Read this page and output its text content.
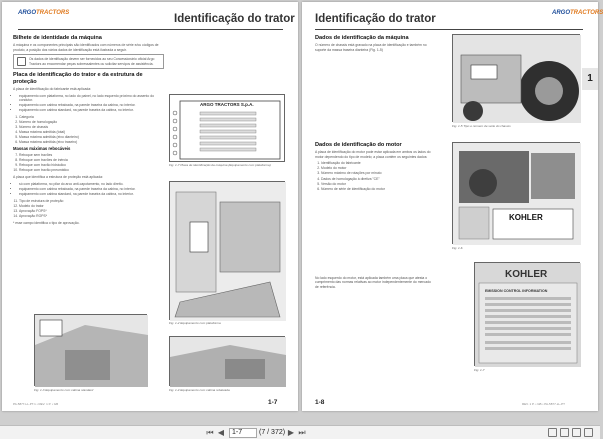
ARGOTRACTORS	Identificação do trator
Bilhete de identidade da máquina

A máquina e os componentes principais são identificados com números de série e/ou códigos de produto, a posição dos vários dados de identificação está ilustrada a seguir.

Os dados de identificação devem ser fornecidos ao seu Concessionário oficial Argo Tractors ao encomendar peças sobressalentes ou solicitar serviços de assistência.
Placa de identificação do trator e da estrutura de proteção

A placa de identificação do fabricante está aplicada:

• equipamento com plataforma, no lado do painel, no lado esquerdo próximo do assento do condutor.
• equipamento com cabina rebaixada, na parede traseira da cabina, no interior.
• equipamento com cabina standard, na parede traseira da cabina, no interior.
1. Categoria
2. Número de homologação
3. Número de chassis
4. Massa máxima admitida (total)
5. Massa máxima admitida (eixo dianteiro)
6. Massa máxima admitida (eixo traseiro)
Massas máximas rebocáveis
7. Reboque sem travões
8. Reboque com travões de inércia
9. Reboque com travão hidráulico
10. Reboque com travão pneumático

A placa que identifica a estrutura de proteção está aplicada:

• só com plataforma, no pilar do arco anti-capotamento, no lado direito.
• equipamento com cabina rebaixada, na parede traseira da cabina, no interior.
• equipamento com cabina standard, na parede traseira da cabina, no interior.
11. Tipo de estrutura de proteção
12. Modelo do trator
13. Aprovação FOPS*
14. Aprovação ROPS*

* esse campo identifica o tipo de aprovação.

ARGO TRACTORS S.p.A.
Fig. 1-7 Placa de identificação da máquina (Equipamento com plataforma)
Fig. 1-2 Equipamento com plataforma
Fig. 1-3 Equipamento com cabina standard	Fig. 1-4 Equipamento com cabina rebaixada
PA-5877-LL-PT.1 • REV. 1 P. • GB	1-7
Identificação do trator	ARGOTRACTORS
1
Dados de identificação da máquina

O número de chassis está gravado na placa de identificação e também no suporte da massa traseira dianteira (Fig. 1-5)

Dados de identificação do motor

A placa de identificação do motor pode estar aplicada em ambos os lados do motor dependendo do tipo de modelo; a placa contém os seguintes dados:

1. Identificação do fabricante
2. Modelo do motor
3. Número máximo de rotações por minuto
4. Dados de homologação à diretiva "CE"
5. Versão do motor
6. Número de série de identificação do motor

No lado esquerdo do motor, está aplicada também uma placa que atesta o cumprimento das normas relativas ao motor independentemente do mercado de referência.

Fig. 1-5 Tipo e número de série do chassis
KOHLER
Fig. 1-6
KOHLER
EMISSION CONTROL INFORMATION
Fig. 1-7
1-8	REV. 1 P. • GB • PA-5877-LL-PT
⏮ ◀	1-7	(7 / 372) ▶ ⏭
